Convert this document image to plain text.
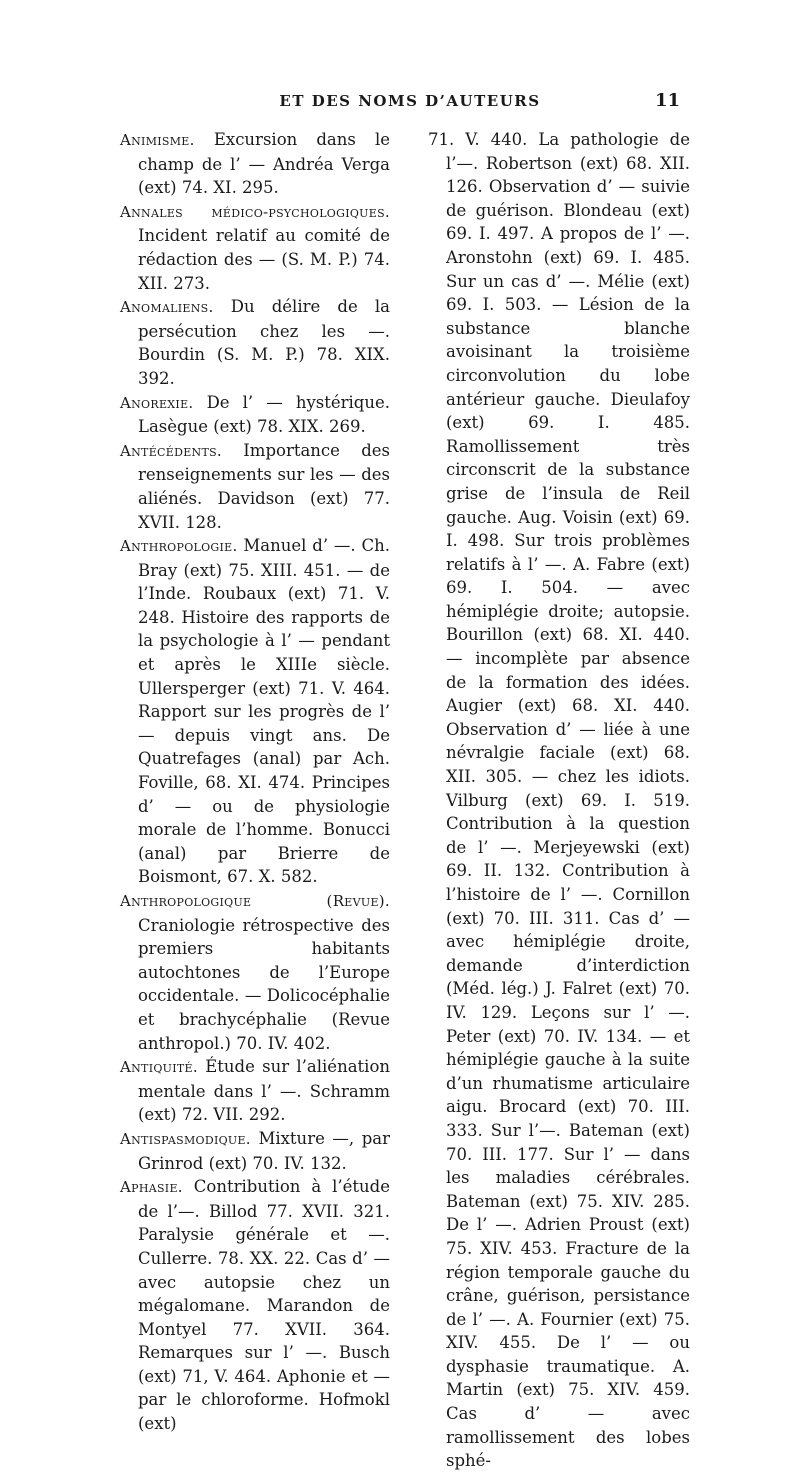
ET DES NOMS D’AUTEURS	11

Animisme. Excursion dans le champ de l’ — Andréa Verga (ext) 74. XI. 295.

Annales médico-psychologiques. Incident relatif au comité de rédaction des — (S. M. P.) 74. XII. 273.

Anomaliens. Du délire de la persécution chez les —. Bourdin (S. M. P.) 78. XIX. 392.

Anorexie. De l’ — hystérique. Lasègue (ext) 78. XIX. 269.

Antécédents. Importance des renseignements sur les — des aliénés. Davidson (ext) 77. XVII. 128.

Anthropologie. Manuel d’ —. Ch. Bray (ext) 75. XIII. 451. — de l’Inde. Roubaux (ext) 71. V. 248. Histoire des rapports de la psychologie à l’ — pendant et après le XIIIe siècle. Ullersperger (ext) 71. V. 464. Rapport sur les progrès de l’ — depuis vingt ans. De Quatrefages (anal) par Ach. Foville, 68. XI. 474. Principes d’ — ou de physiologie morale de l’homme. Bonucci (anal) par Brierre de Boismont, 67. X. 582.

Anthropologique (Revue). Craniologie rétrospective des premiers habitants autochtones de l’Europe occidentale. — Dolicocéphalie et brachycéphalie (Revue anthropol.) 70. IV. 402.

Antiquité. Étude sur l’aliénation mentale dans l’ —. Schramm (ext) 72. VII. 292.

Antispasmodique. Mixture —, par Grinrod (ext) 70. IV. 132.

Aphasie. Contribution à l’étude de l’—. Billod 77. XVII. 321. Paralysie générale et —. Cullerre. 78. XX. 22. Cas d’ — avec autopsie chez un mégalomane. Marandon de Montyel 77. XVII. 364. Remarques sur l’ —. Busch (ext) 71, V. 464. Aphonie et — par le chloroforme. Hofmokl (ext)

71. V. 440. La pathologie de l’—. Robertson (ext) 68. XII. 126. Observation d’ — suivie de guérison. Blondeau (ext) 69. I. 497. A propos de l’ —. Aronstohn (ext) 69. I. 485. Sur un cas d’ —. Mélie (ext) 69. I. 503. — Lésion de la substance blanche avoisinant la troisième circonvolution du lobe antérieur gauche. Dieulafoy (ext) 69. I. 485. Ramollissement très circonscrit de la substance grise de l’insula de Reil gauche. Aug. Voisin (ext) 69. I. 498. Sur trois problèmes relatifs à l’ —. A. Fabre (ext) 69. I. 504. — avec hémiplégie droite; autopsie. Bourillon (ext) 68. XI. 440. — incomplète par absence de la formation des idées. Augier (ext) 68. XI. 440. Observation d’ — liée à une névralgie faciale (ext) 68. XII. 305. — chez les idiots. Vilburg (ext) 69. I. 519. Contribution à la question de l’ —. Merjeyewski (ext) 69. II. 132. Contribution à l’histoire de l’ —. Cornillon (ext) 70. III. 311. Cas d’ — avec hémiplégie droite, demande d’interdiction (Méd. lég.) J. Falret (ext) 70. IV. 129. Leçons sur l’ —. Peter (ext) 70. IV. 134. — et hémiplégie gauche à la suite d’un rhumatisme articulaire aigu. Brocard (ext) 70. III. 333. Sur l’—. Bateman (ext) 70. III. 177. Sur l’ — dans les maladies cérébrales. Bateman (ext) 75. XIV. 285. De l’ —. Adrien Proust (ext) 75. XIV. 453. Fracture de la région temporale gauche du crâne, guérison, persistance de l’ —. A. Fournier (ext) 75. XIV. 455. De l’ — ou dysphasie traumatique. A. Martin (ext) 75. XIV. 459. Cas d’ — avec ramollissement des lobes sphé-
